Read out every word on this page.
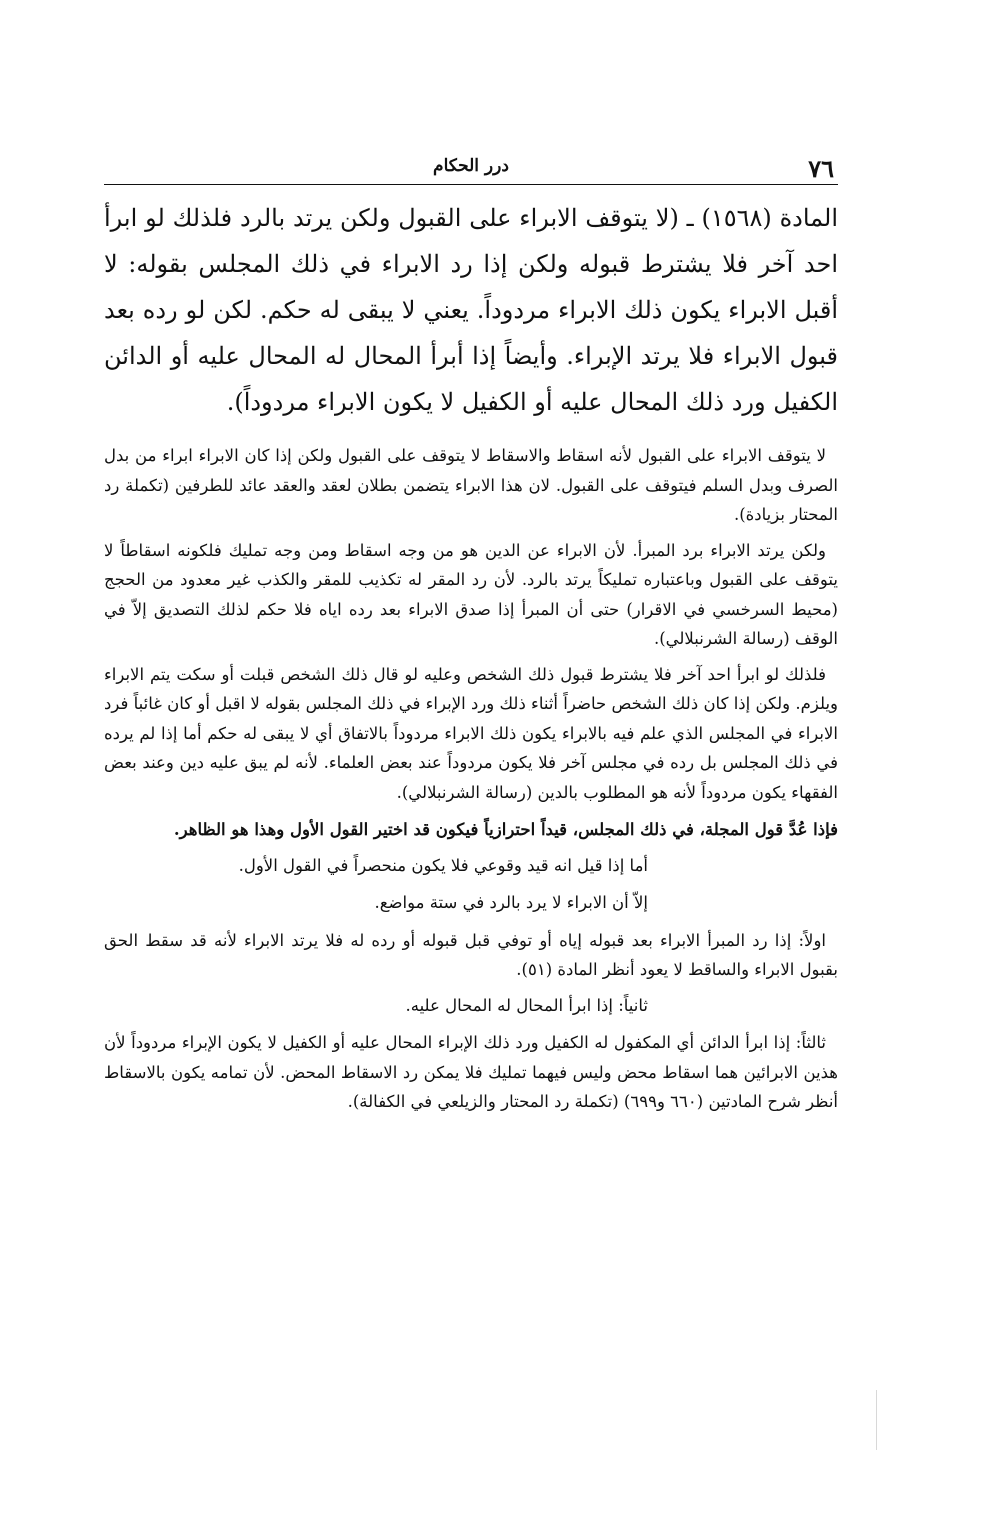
٧٦
درر الحكام

المادة (١٥٦٨) ـ (لا يتوقف الابراء على القبول ولكن يرتد بالرد فلذلك لو ابرأ احد آخر فلا يشترط قبوله ولكن إذا رد الابراء في ذلك المجلس بقوله: لا أقبل الابراء يكون ذلك الابراء مردوداً. يعني لا يبقى له حكم. لكن لو رده بعد قبول الابراء فلا يرتد الإبراء. وأيضاً إذا أبرأ المحال له المحال عليه أو الدائن الكفيل ورد ذلك المحال عليه أو الكفيل لا يكون الابراء مردوداً).

لا يتوقف الابراء على القبول لأنه اسقاط والاسقاط لا يتوقف على القبول ولكن إذا كان الابراء ابراء من بدل الصرف وبدل السلم فيتوقف على القبول. لان هذا الابراء يتضمن بطلان لعقد والعقد عائد للطرفين (تكملة رد المحتار بزيادة).

ولكن يرتد الابراء برد المبرأ. لأن الابراء عن الدين هو من وجه اسقاط ومن وجه تمليك فلكونه اسقاطاً لا يتوقف على القبول وباعتباره تمليكاً يرتد بالرد. لأن رد المقر له تكذيب للمقر والكذب غير معدود من الحجج (محيط السرخسي في الاقرار) حتى أن المبرأ إذا صدق الابراء بعد رده اياه فلا حكم لذلك التصديق إلاّ في الوقف (رسالة الشرنبلالي).

فلذلك لو ابرأ احد آخر فلا يشترط قبول ذلك الشخص وعليه لو قال ذلك الشخص قبلت أو سكت يتم الابراء ويلزم. ولكن إذا كان ذلك الشخص حاضراً أثناء ذلك ورد الإبراء في ذلك المجلس بقوله لا اقبل أو كان غائباً فرد الابراء في المجلس الذي علم فيه بالابراء يكون ذلك الابراء مردوداً بالاتفاق أي لا يبقى له حكم أما إذا لم يرده في ذلك المجلس بل رده في مجلس آخر فلا يكون مردوداً عند بعض العلماء. لأنه لم يبق عليه دين وعند بعض الفقهاء يكون مردوداً لأنه هو المطلوب بالدين (رسالة الشرنبلالي).

فإذا عُدَّ قول المجلة، في ذلك المجلس، قيداً احترازياً فيكون قد اختير القول الأول وهذا هو الظاهر.

أما إذا قيل انه قيد وقوعي فلا يكون منحصراً في القول الأول.

إلاّ أن الابراء لا يرد بالرد في ستة مواضع.

اولاً: إذا رد المبرأ الابراء بعد قبوله إياه أو توفي قبل قبوله أو رده له فلا يرتد الابراء لأنه قد سقط الحق بقبول الابراء والساقط لا يعود أنظر المادة (٥١).

ثانياً: إذا ابرأ المحال له المحال عليه.

ثالثاً: إذا ابرأ الدائن أي المكفول له الكفيل ورد ذلك الإبراء المحال عليه أو الكفيل لا يكون الإبراء مردوداً لأن هذين الابرائين هما اسقاط محض وليس فيهما تمليك فلا يمكن رد الاسقاط المحض. لأن تمامه يكون بالاسقاط أنظر شرح المادتين (٦٦٠ و٦٩٩) (تكملة رد المحتار والزيلعي في الكفالة).
